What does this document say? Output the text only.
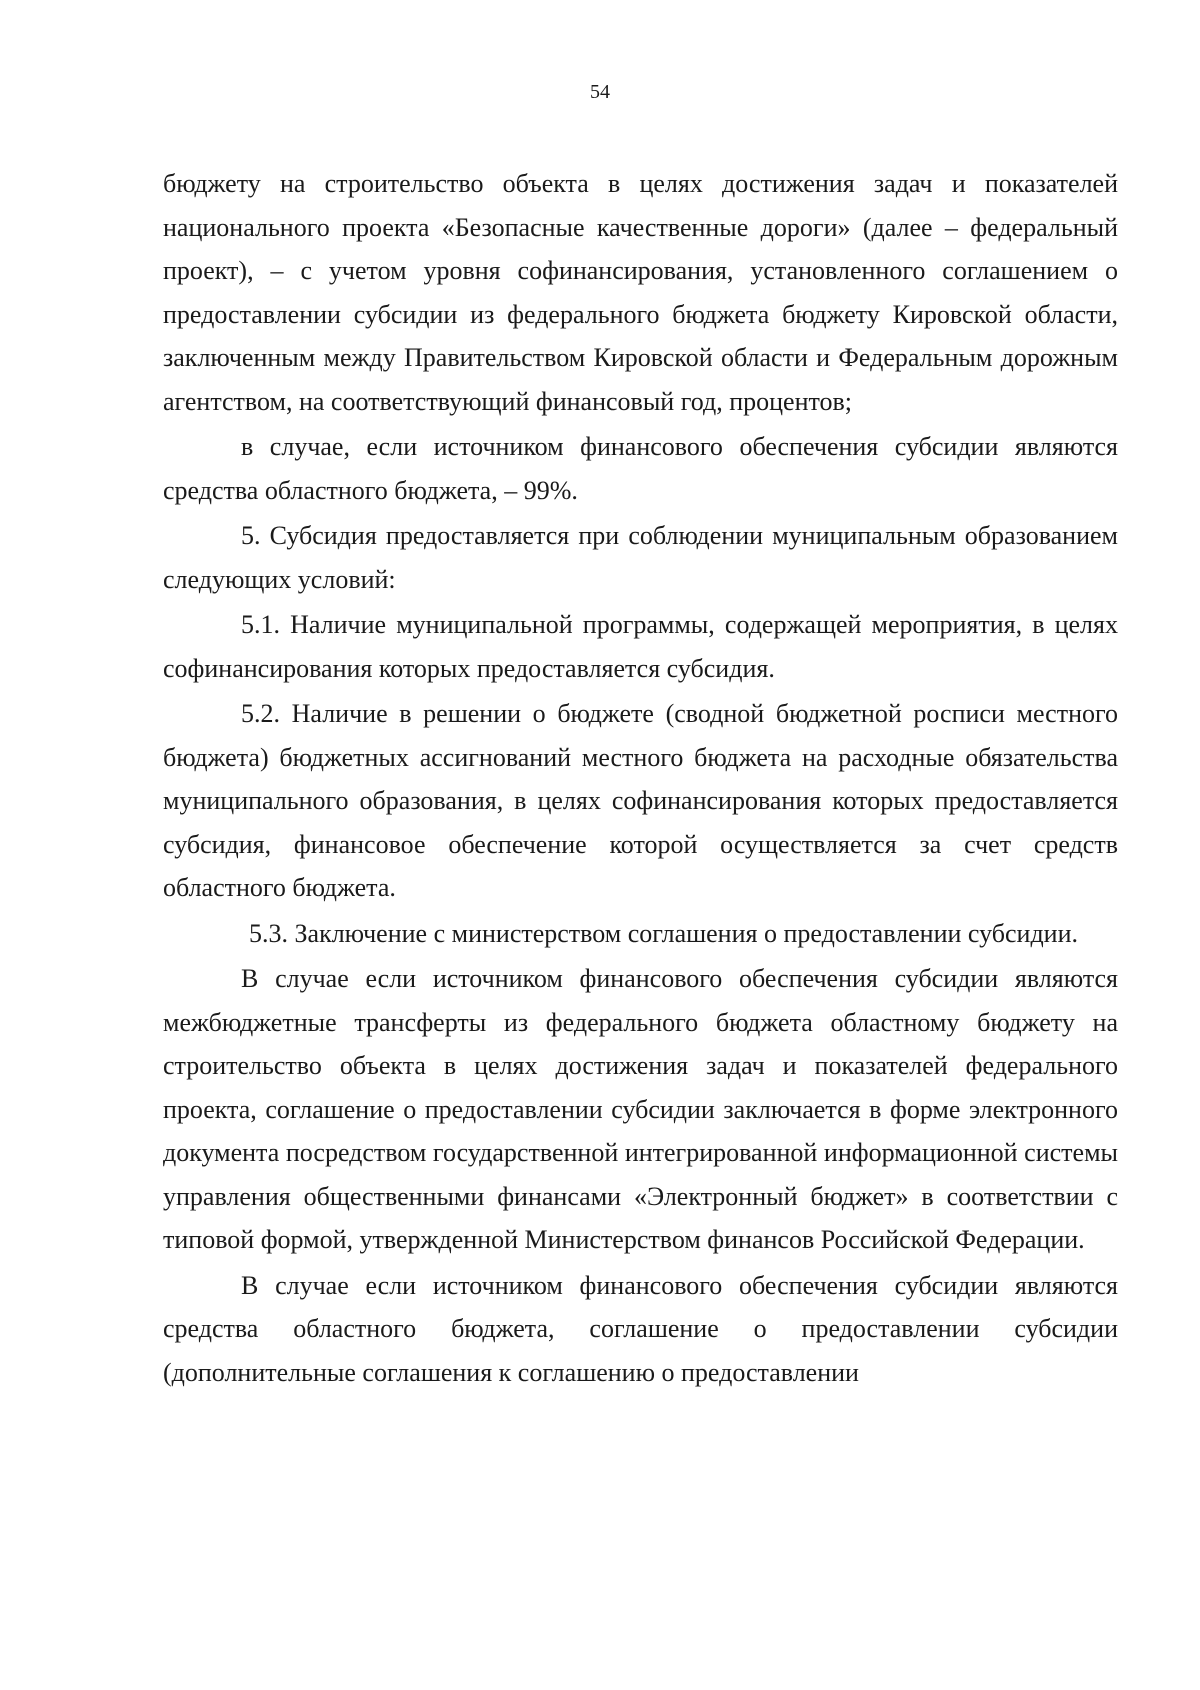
54

бюджету на строительство объекта в целях достижения задач и показателей национального проекта «Безопасные качественные дороги» (далее – федеральный проект), – с учетом уровня софинансирования, установленного соглашением о предоставлении субсидии из федерального бюджета бюджету Кировской области, заключенным между Правительством Кировской области и Федеральным дорожным агентством, на соответствующий финансовый год, процентов;

в случае, если источником финансового обеспечения субсидии являются средства областного бюджета, – 99%.

5. Субсидия предоставляется при соблюдении муниципальным образованием следующих условий:

5.1. Наличие муниципальной программы, содержащей мероприятия, в целях софинансирования которых предоставляется субсидия.

5.2. Наличие в решении о бюджете (сводной бюджетной росписи местного бюджета) бюджетных ассигнований местного бюджета на расходные обязательства муниципального образования, в целях софинансирования которых предоставляется субсидия, финансовое обеспечение которой осуществляется за счет средств областного бюджета.

5.3. Заключение с министерством соглашения о предоставлении субсидии.

В случае если источником финансового обеспечения субсидии являются межбюджетные трансферты из федерального бюджета областному бюджету на строительство объекта в целях достижения задач и показателей федерального проекта, соглашение о предоставлении субсидии заключается в форме электронного документа посредством государственной интегрированной информационной системы управления общественными финансами «Электронный бюджет» в соответствии с типовой формой, утвержденной Министерством финансов Российской Федерации.

В случае если источником финансового обеспечения субсидии являются средства областного бюджета, соглашение о предоставлении субсидии (дополнительные соглашения к соглашению о предоставлении
